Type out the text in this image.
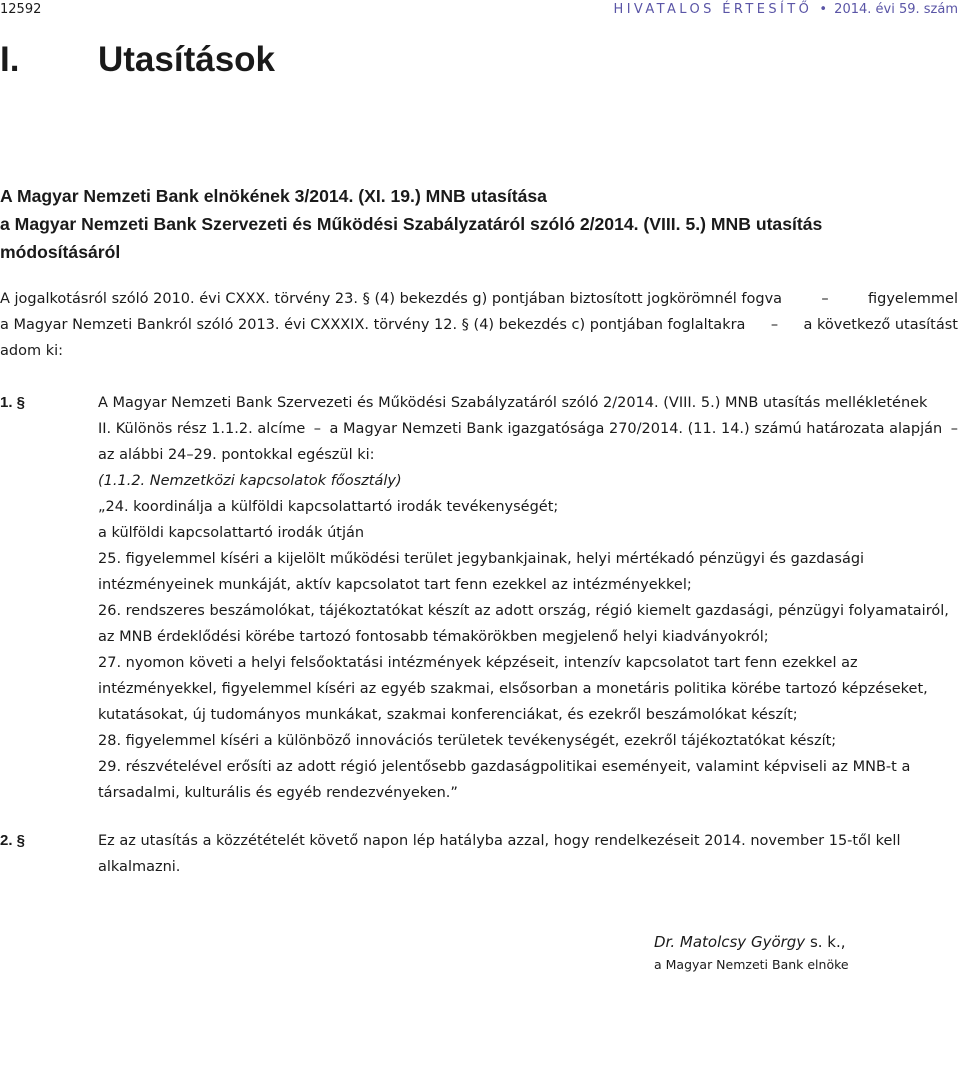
12592	HIVATALOS ÉRTESÍTŐ • 2014. évi 59. szám
I. Utasítások
A Magyar Nemzeti Bank elnökének 3/2014. (XI. 19.) MNB utasítása
a Magyar Nemzeti Bank Szervezeti és Működési Szabályzatáról szóló 2/2014. (VIII. 5.) MNB utasítás
módosításáról
A jogalkotásról szóló 2010. évi CXXX. törvény 23. § (4) bekezdés g) pontjában biztosított jogkörömnél fogva	–	figyelemmel
a Magyar Nemzeti Bankról szóló 2013. évi CXXXIX. törvény 12. § (4) bekezdés c) pontjában foglaltakra – a következő utasítást
adom ki:
1. §	A Magyar Nemzeti Bank Szervezeti és Működési Szabályzatáról szóló 2/2014. (VIII. 5.) MNB utasítás mellékletének
II. Különös rész 1.1.2. alcíme – a Magyar Nemzeti Bank igazgatósága 270/2014. (11. 14.) számú határozata alapján –
az alábbi 24–29. pontokkal egészül ki:
(1.1.2. Nemzetközi kapcsolatok főosztály)
„24. koordinálja a külföldi kapcsolattartó irodák tevékenységét;
a külföldi kapcsolattartó irodák útján
25. figyelemmel kíséri a kijelölt működési terület jegybankjainak, helyi mértékadó pénzügyi és gazdasági
intézményeinek munkáját, aktív kapcsolatot tart fenn ezekkel az intézményekkel;
26. rendszeres beszámolókat, tájékoztatókat készít az adott ország, régió kiemelt gazdasági, pénzügyi folyamatairól,
az MNB érdeklődési körébe tartozó fontosabb témakörökben megjelenő helyi kiadványokról;
27. nyomon követi a helyi felsőoktatási intézmények képzéseit, intenzív kapcsolatot tart fenn ezekkel az
intézményekkel, figyelemmel kíséri az egyéb szakmai, elsősorban a monetáris politika körébe tartozó képzéseket,
kutatásokat, új tudományos munkákat, szakmai konferenciákat, és ezekről beszámolókat készít;
28. figyelemmel kíséri a különböző innovációs területek tevékenységét, ezekről tájékoztatókat készít;
29. részvételével erősíti az adott régió jelentősebb gazdaságpolitikai eseményeit, valamint képviseli az MNB-t a
társadalmi, kulturális és egyéb rendezvényeken.”
2. §	Ez az utasítás a közzétételét követő napon lép hatályba azzal, hogy rendelkezéseit 2014. november 15-től kell
alkalmazni.
Dr. Matolcsy György s. k.,
a Magyar Nemzeti Bank elnöke
